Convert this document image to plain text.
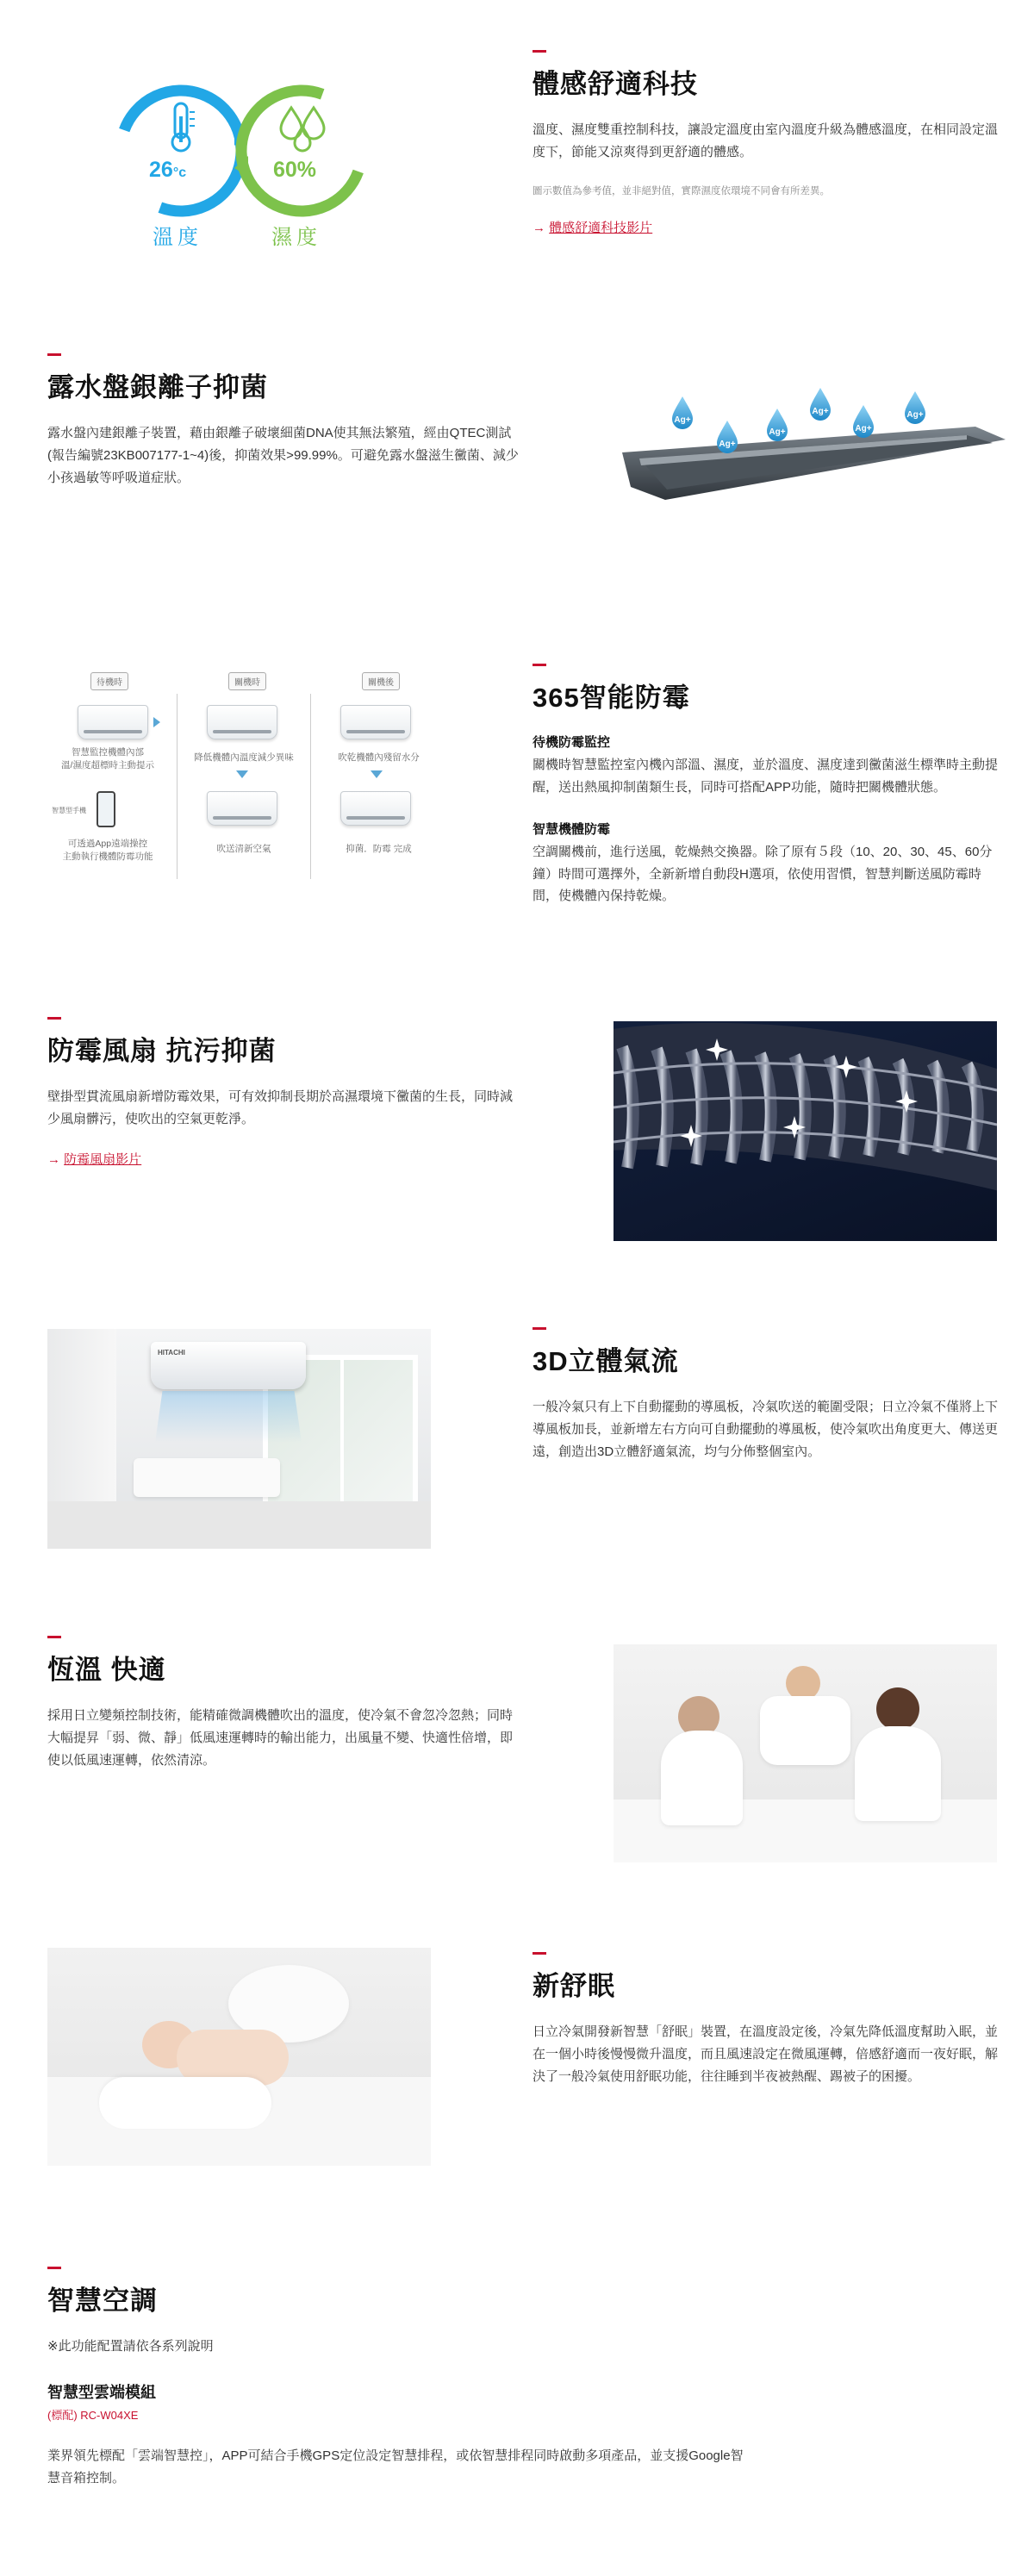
26°c	60%
溫度	濕度
體感舒適科技

溫度、濕度雙重控制科技，讓設定溫度由室內溫度升級為體感溫度，在相同設定溫度下，節能又涼爽得到更舒適的體感。

圖示數值為參考值，並非絕對值，實際濕度依環境不同會有所差異。

→ 體感舒適科技影片
露水盤銀離子抑菌

露水盤內建銀離子裝置，藉由銀離子破壞細菌DNA使其無法繁殖，經由QTEC測試(報告編號23KB007177-1~4)後，抑菌效果>99.99%。可避免露水盤滋生黴菌、減少小孩過敏等呼吸道症狀。

Ag+
Ag+
Ag+
Ag+
Ag+
Ag+
待機時	關機時	關機後
智慧監控機體內部
溫/濕度超標時主動提示
降低機體內溫度減少異味	吹乾機體內殘留水分
智慧型手機
可透過App遠端操控
主動執行機體防霉功能
吹送清新空氣	抑菌．防霉 完成
365智能防霉
待機防霉監控

關機時智慧監控室內機內部溫、濕度，並於溫度、濕度達到黴菌滋生標準時主動提醒，送出熱風抑制菌類生長，同時可搭配APP功能，隨時把關機體狀態。

智慧機體防霉

空調關機前，進行送風，乾燥熱交換器。除了原有５段（10、20、30、45、60分鐘）時間可選擇外，全新新增自動段H選項，依使用習慣，智慧判斷送風防霉時間，使機體內保持乾燥。

防霉風扇 抗污抑菌

壁掛型貫流風扇新增防霉效果，可有效抑制長期於高濕環境下黴菌的生長，同時減少風扇髒污，使吹出的空氣更乾淨。

→ 防霉風扇影片
HITACHI	3D立體氣流

一般冷氣只有上下自動擺動的導風板，冷氣吹送的範圍受限；日立冷氣不僅將上下導風板加長，並新增左右方向可自動擺動的導風板，使冷氣吹出角度更大、傳送更遠，創造出3D立體舒適氣流，均勻分佈整個室內。

恆溫 快適

採用日立變頻控制技術，能精確微調機體吹出的溫度，使冷氣不會忽冷忽熱；同時大幅提昇「弱、微、靜」低風速運轉時的輸出能力，出風量不變、快適性倍增，即使以低風速運轉，依然清涼。

新舒眠

日立冷氣開發新智慧「舒眠」裝置，在溫度設定後，冷氣先降低溫度幫助入眠，並在一個小時後慢慢微升溫度，而且風速設定在微風運轉，倍感舒適而一夜好眠，解決了一般冷氣使用舒眠功能，往往睡到半夜被熱醒、踢被子的困擾。

智慧空調

※此功能配置請依各系列說明

智慧型雲端模組
(標配) RC-W04XE

業界領先標配「雲端智慧控」，APP可結合手機GPS定位設定智慧排程，或依智慧排程同時啟動多項產品，並支援Google智慧音箱控制。
